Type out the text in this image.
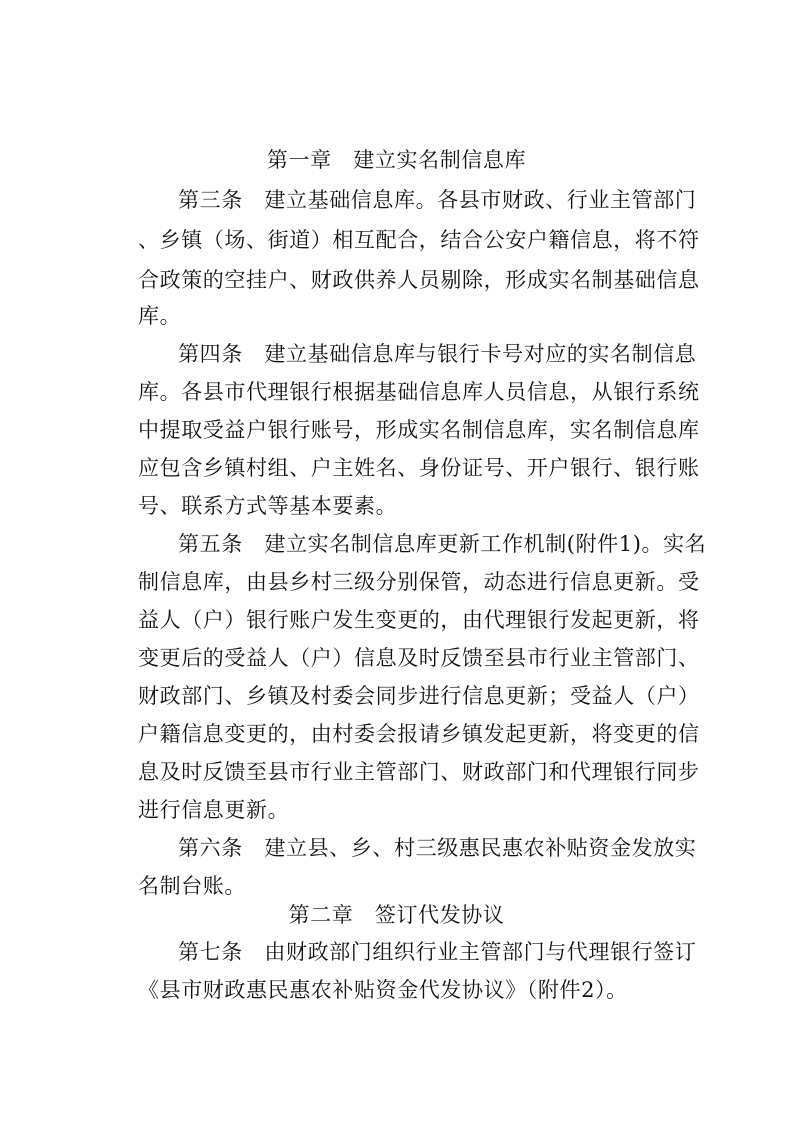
第一章　建立实名制信息库
第三条　建立基础信息库。各县市财政、行业主管部门
、乡镇（场、街道）相互配合，结合公安户籍信息，将不符
合政策的空挂户、财政供养人员剔除，形成实名制基础信息
库。
第四条　建立基础信息库与银行卡号对应的实名制信息
库。各县市代理银行根据基础信息库人员信息，从银行系统
中提取受益户银行账号，形成实名制信息库，实名制信息库
应包含乡镇村组、户主姓名、身份证号、开户银行、银行账
号、联系方式等基本要素。
第五条　建立实名制信息库更新工作机制(附件1)。实名
制信息库，由县乡村三级分别保管，动态进行信息更新。受
益人（户）银行账户发生变更的，由代理银行发起更新，将
变更后的受益人（户）信息及时反馈至县市行业主管部门、
财政部门、乡镇及村委会同步进行信息更新；受益人（户）
户籍信息变更的，由村委会报请乡镇发起更新，将变更的信
息及时反馈至县市行业主管部门、财政部门和代理银行同步
进行信息更新。
第六条　建立县、乡、村三级惠民惠农补贴资金发放实
名制台账。
第二章　签订代发协议
第七条　由财政部门组织行业主管部门与代理银行签订
《县市财政惠民惠农补贴资金代发协议》（附件2）。
